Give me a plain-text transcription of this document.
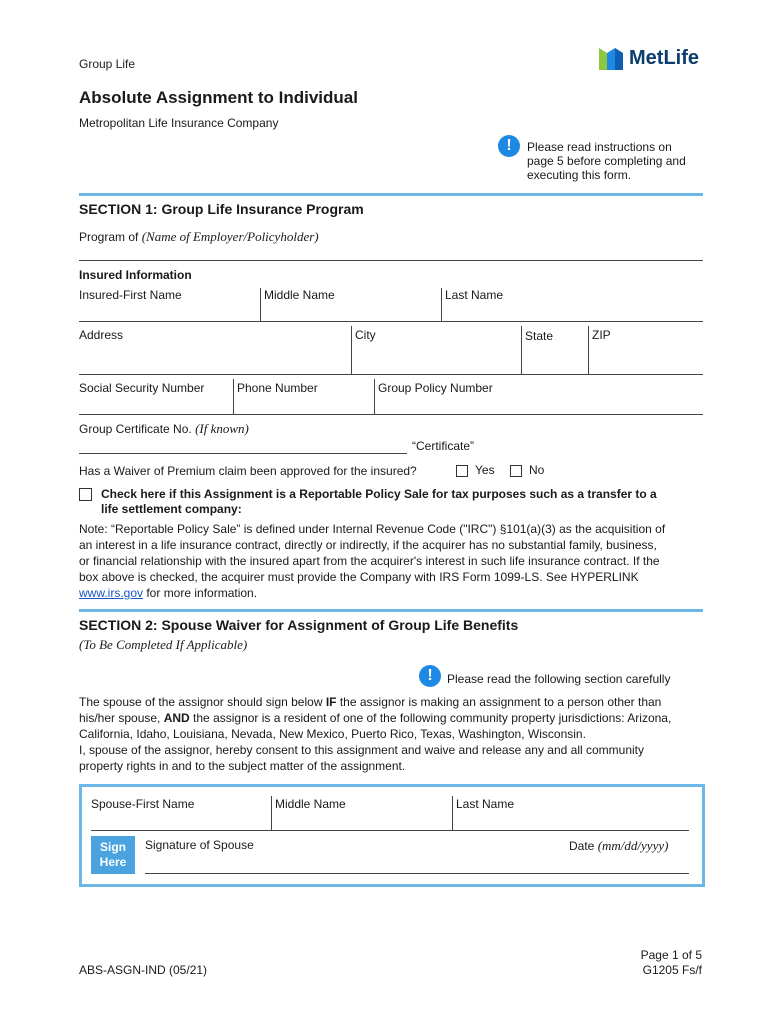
Group Life	MetLife
Absolute Assignment to Individual
Metropolitan Life Insurance Company
!	Please read instructions on
page 5 before completing and
executing this form.
SECTION 1: Group Life Insurance Program
Program of (Name of Employer/Policyholder)
Insured Information
Insured-First Name	Middle Name	Last Name
Address	City	State	ZIP
Social Security Number	Phone Number	Group Policy Number
Group Certificate No. (If known)
“Certificate”
Has a Waiver of Premium claim been approved for the insured?	Yes	No
Check here if this Assignment is a Reportable Policy Sale for tax purposes such as a transfer to a
life settlement company:
Note: “Reportable Policy Sale” is defined under Internal Revenue Code ("IRC") §101(a)(3) as the acquisition of
an interest in a life insurance contract, directly or indirectly, if the acquirer has no substantial family, business,
or financial relationship with the insured apart from the acquirer's interest in such life insurance contract. If the
box above is checked, the acquirer must provide the Company with IRS Form 1099-LS. See HYPERLINK
www.irs.gov for more information.
SECTION 2: Spouse Waiver for Assignment of Group Life Benefits
(To Be Completed If Applicable)
!	Please read the following section carefully
The spouse of the assignor should sign below IF the assignor is making an assignment to a person other than
his/her spouse, AND the assignor is a resident of one of the following community property jurisdictions: Arizona,
California, Idaho, Louisiana, Nevada, New Mexico, Puerto Rico, Texas, Washington, Wisconsin.
I, spouse of the assignor, hereby consent to this assignment and waive and release any and all community
property rights in and to the subject matter of the assignment.
Spouse-First Name	Middle Name	Last Name
Sign
Here
Signature of Spouse	Date (mm/dd/yyyy)
ABS-ASGN-IND (05/21)
Page 1 of 5
G1205 Fs/f
